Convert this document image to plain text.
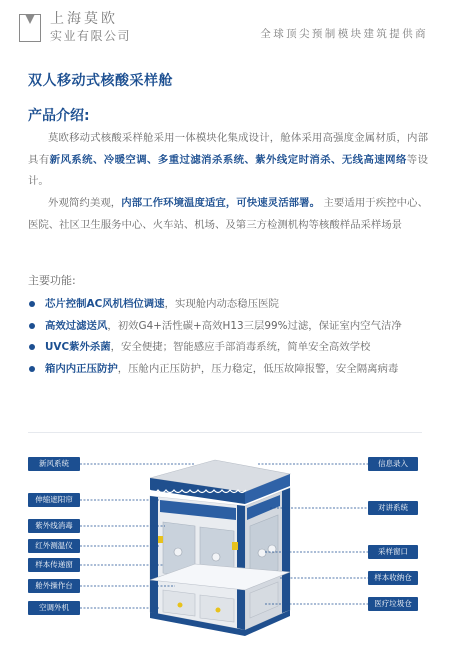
上海莫欧
实业有限公司	全球顶尖预制模块建筑提供商
双人移动式核酸采样舱
产品介绍:
莫欧移动式核酸采样舱采用一体模块化集成设计，舱体采用高强度金属材质，内部具有新风系统、冷暖空调、多重过滤消杀系统、紫外线定时消杀、无线高速网络等设计。
外观简约美观，内部工作环境温度适宜，可快速灵活部署。 主要适用于疾控中心、医院、社区卫生服务中心、火车站、机场、及第三方检测机构等核酸样品采样场景
主要功能:
芯片控制AC风机档位调速，实现舱内动态稳压医院
高效过滤送风，初效G4+活性碳+高效H13三层99%过滤，保证室内空气洁净
UVC紫外杀菌，安全便捷；智能感应手部消毒系统，简单安全高效学校
箱内内正压防护，压舱内正压防护，压力稳定，低压故障报警，安全隔离病毒
新风系统
伸缩遮阳帘
紫外线消毒
红外测温仪
样本传递窗
舱外操作台
空调外机
信息录入
对讲系统
采样窗口
样本收纳仓
医疗垃圾仓
